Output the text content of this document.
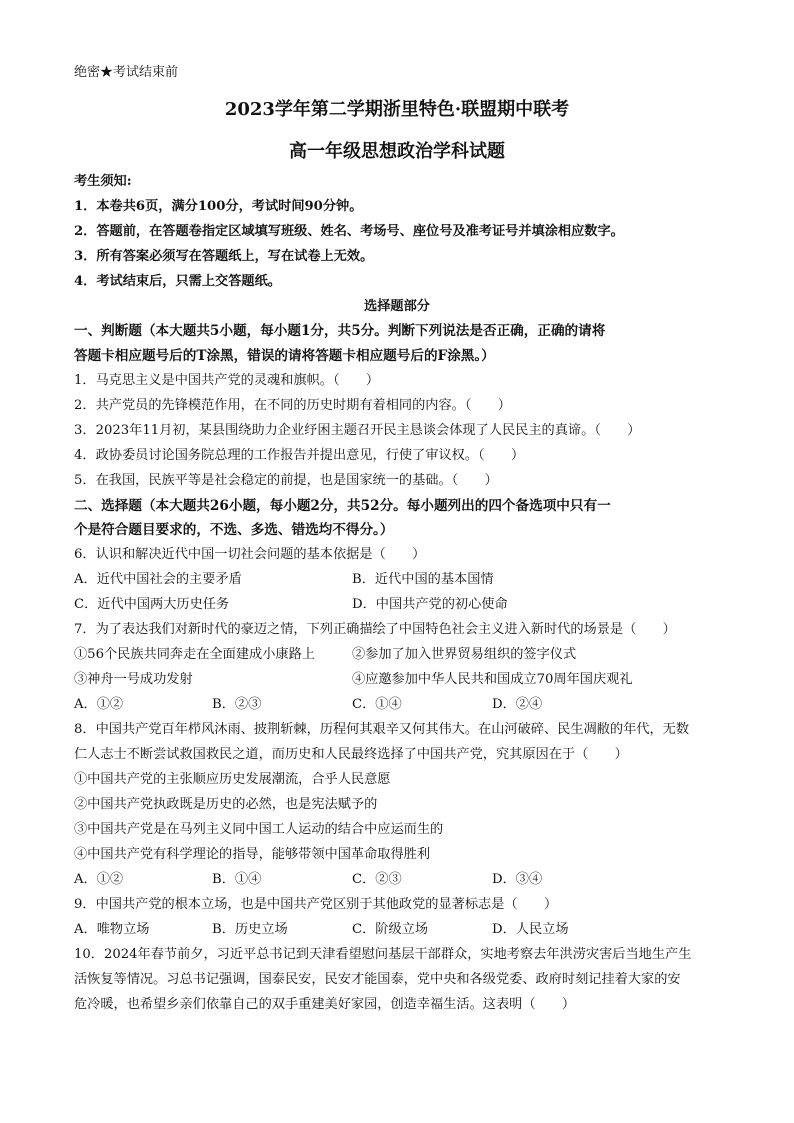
绝密★考试结束前
2023学年第二学期浙里特色·联盟期中联考
高一年级思想政治学科试题
考生须知:
1．本卷共6页，满分100分，考试时间90分钟。
2．答题前，在答题卷指定区域填写班级、姓名、考场号、座位号及准考证号并填涂相应数字。
3．所有答案必须写在答题纸上，写在试卷上无效。
4．考试结束后，只需上交答题纸。
选择题部分
一、判断题（本大题共5小题，每小题1分，共5分。判断下列说法是否正确，正确的请将
答题卡相应题号后的T涂黑，错误的请将答题卡相应题号后的F涂黑。）
1．马克思主义是中国共产党的灵魂和旗帜。（　　）
2．共产党员的先锋模范作用，在不同的历史时期有着相同的内容。（　　）
3．2023年11月初，某县围绕助力企业纾困主题召开民主恳谈会体现了人民民主的真谛。（　　）
4．政协委员讨论国务院总理的工作报告并提出意见，行使了审议权。（　　）
5．在我国，民族平等是社会稳定的前提，也是国家统一的基础。（　　）
二、选择题（本大题共26小题，每小题2分，共52分。每小题列出的四个备选项中只有一
个是符合题目要求的，不选、多选、错选均不得分。）
6．认识和解决近代中国一切社会问题的基本依据是（　　）
A．近代中国社会的主要矛盾	B．近代中国的基本国情
C．近代中国两大历史任务	D．中国共产党的初心使命
7．为了表达我们对新时代的豪迈之情，下列正确描绘了中国特色社会主义进入新时代的场景是（　　）
①56个民族共同奔走在全面建成小康路上	②参加了加入世界贸易组织的签字仪式
③神舟一号成功发射	④应邀参加中华人民共和国成立70周年国庆观礼
A．①②	B．②③	C．①④	D．②④
8．中国共产党百年栉风沐雨、披荆斩棘，历程何其艰辛又何其伟大。在山河破碎、民生凋敝的年代，无数
仁人志士不断尝试救国救民之道，而历史和人民最终选择了中国共产党，究其原因在于（　　）
①中国共产党的主张顺应历史发展潮流，合乎人民意愿
②中国共产党执政既是历史的必然，也是宪法赋予的
③中国共产党是在马列主义同中国工人运动的结合中应运而生的
④中国共产党有科学理论的指导，能够带领中国革命取得胜利
A．①②	B．①④	C．②③	D．③④
9．中国共产党的根本立场，也是中国共产党区别于其他政党的显著标志是（　　）
A．唯物立场	B．历史立场	C．阶级立场	D．人民立场
10．2024年春节前夕，习近平总书记到天津看望慰问基层干部群众，实地考察去年洪涝灾害后当地生产生
活恢复等情况。习总书记强调，国泰民安，民安才能国泰，党中央和各级党委、政府时刻记挂着大家的安
危冷暖，也希望乡亲们依靠自己的双手重建美好家园，创造幸福生活。这表明（　　）
